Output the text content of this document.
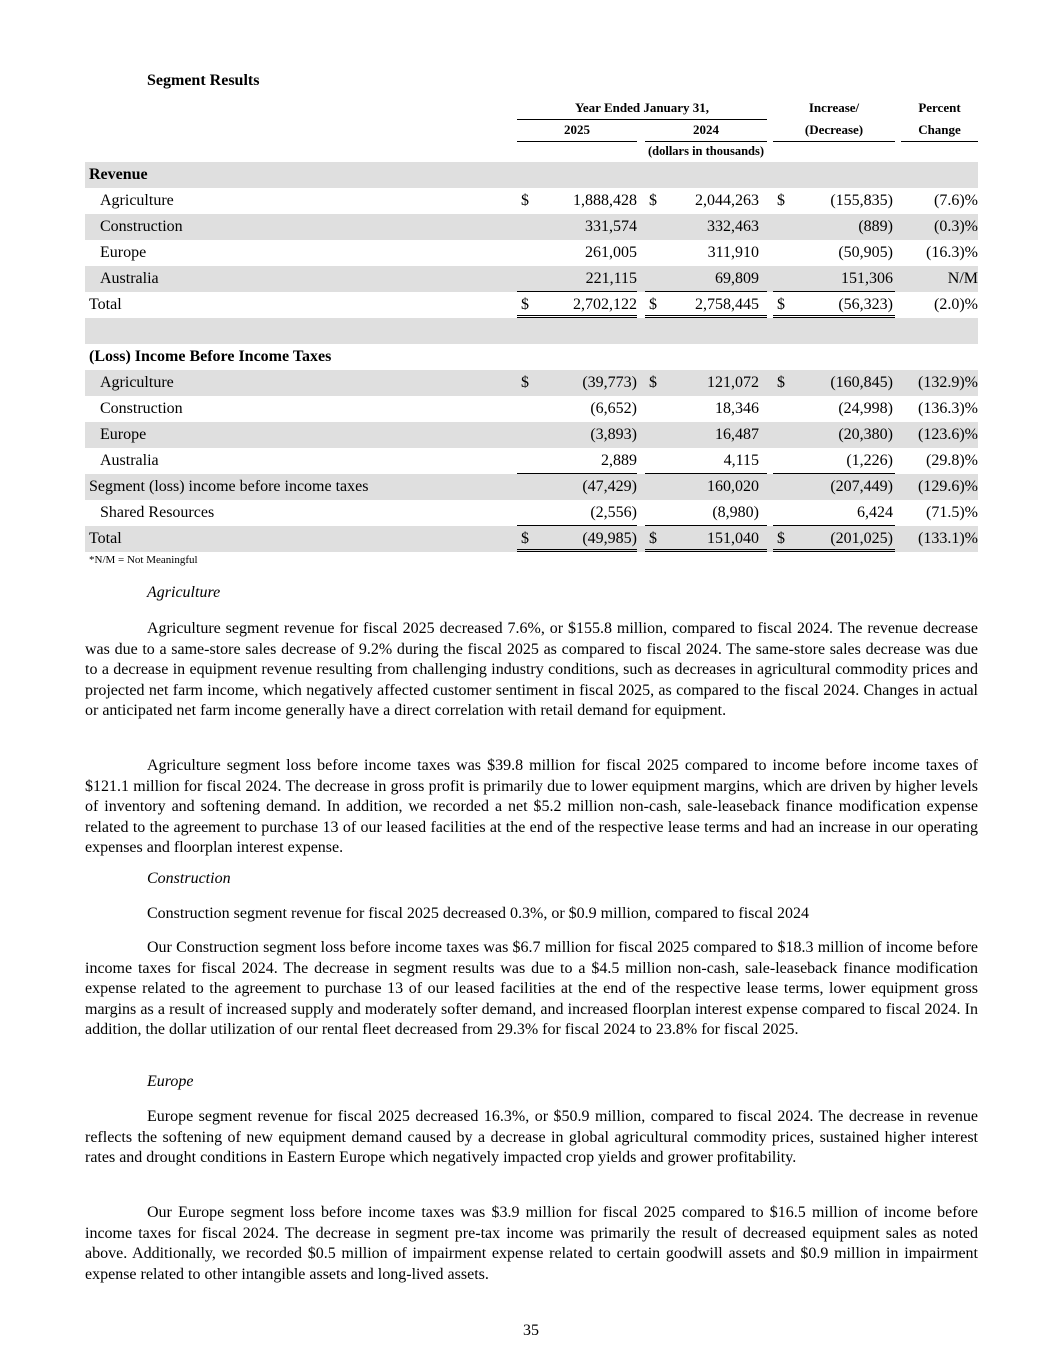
Segment Results
Year Ended January 31,
2025	2024
Increase/
(Decrease)
Percent
Change
(dollars in thousands)
Revenue
Agriculture	$	1,888,428 $	2,044,263 $	(155,835)	(7.6)%
Construction	331,574	332,463	(889)	(0.3)%
Europe	261,005	311,910	(50,905)	(16.3)%
Australia	221,115	69,809	151,306	N/M
Total	$	2,702,122 $	2,758,445 $	(56,323)	(2.0)%
(Loss) Income Before Income Taxes
Agriculture	$	(39,773) $	121,072 $	(160,845)	(132.9)%
Construction	(6,652)	18,346	(24,998)	(136.3)%
Europe	(3,893)	16,487	(20,380)	(123.6)%
Australia	2,889	4,115	(1,226)	(29.8)%
Segment (loss) income before income taxes	(47,429)	160,020	(207,449)	(129.6)%
Shared Resources	(2,556)	(8,980)	6,424	(71.5)%
Total	$	(49,985) $	151,040 $	(201,025)	(133.1)%
*N/M = Not Meaningful
Agriculture
Agriculture segment revenue for fiscal 2025 decreased 7.6%, or $155.8 million, compared to fiscal 2024. The revenue decrease was due to a same-store sales decrease of 9.2% during the fiscal 2025 as compared to fiscal 2024. The same-store sales decrease was due to a decrease in equipment revenue resulting from challenging industry conditions, such as decreases in agricultural commodity prices and projected net farm income, which negatively affected customer sentiment in fiscal 2025, as compared to the fiscal 2024. Changes in actual or anticipated net farm income generally have a direct correlation with retail demand for equipment.
Agriculture segment loss before income taxes was $39.8 million for fiscal 2025 compared to income before income taxes of $121.1 million for fiscal 2024. The decrease in gross profit is primarily due to lower equipment margins, which are driven by higher levels of inventory and softening demand. In addition, we recorded a net $5.2 million non-cash, sale-leaseback finance modification expense related to the agreement to purchase 13 of our leased facilities at the end of the respective lease terms and had an increase in our operating expenses and floorplan interest expense.
Construction
Construction segment revenue for fiscal 2025 decreased 0.3%, or $0.9 million, compared to fiscal 2024
Our Construction segment loss before income taxes was $6.7 million for fiscal 2025 compared to $18.3 million of income before income taxes for fiscal 2024. The decrease in segment results was due to a $4.5 million non-cash, sale-leaseback finance modification expense related to the agreement to purchase 13 of our leased facilities at the end of the respective lease terms, lower equipment gross margins as a result of increased supply and moderately softer demand, and increased floorplan interest expense compared to fiscal 2024. In addition, the dollar utilization of our rental fleet decreased from 29.3% for fiscal 2024 to 23.8% for fiscal 2025.
Europe
Europe segment revenue for fiscal 2025 decreased 16.3%, or $50.9 million, compared to fiscal 2024. The decrease in revenue reflects the softening of new equipment demand caused by a decrease in global agricultural commodity prices, sustained higher interest rates and drought conditions in Eastern Europe which negatively impacted crop yields and grower profitability.
Our Europe segment loss before income taxes was $3.9 million for fiscal 2025 compared to $16.5 million of income before income taxes for fiscal 2024. The decrease in segment pre-tax income was primarily the result of decreased equipment sales as noted above. Additionally, we recorded $0.5 million of impairment expense related to certain goodwill assets and $0.9 million in impairment expense related to other intangible assets and long-lived assets.
35
